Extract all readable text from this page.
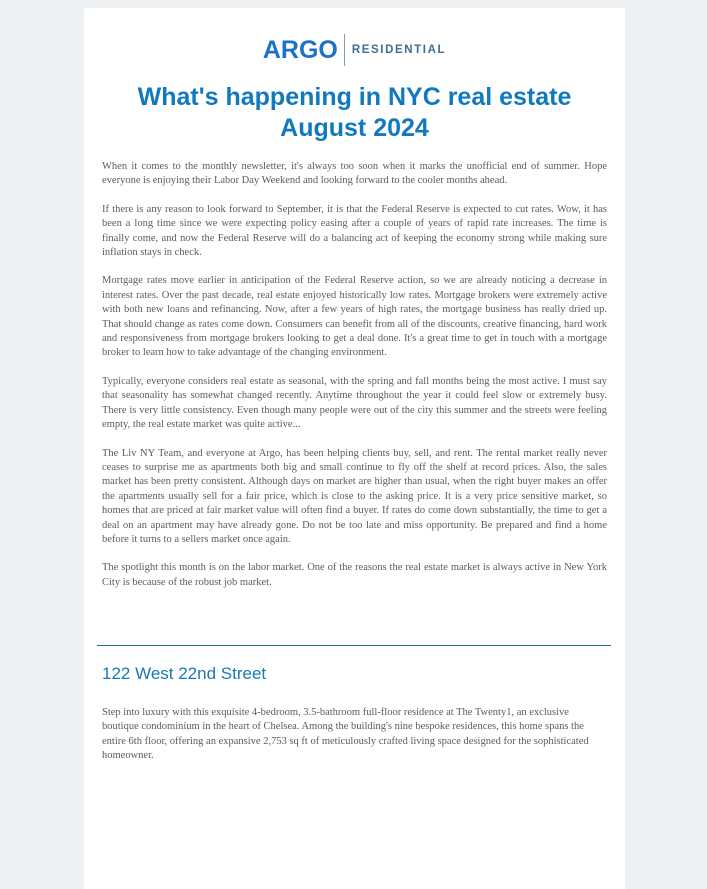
ARGO RESIDENTIAL
What's happening in NYC real estate
August 2024

When it comes to the monthly newsletter, it's always too soon when it marks the unofficial end of summer. Hope everyone is enjoying their Labor Day Weekend and looking forward to the cooler months ahead.

If there is any reason to look forward to September, it is that the Federal Reserve is expected to cut rates. Wow, it has been a long time since we were expecting policy easing after a couple of years of rapid rate increases. The time is finally come, and now the Federal Reserve will do a balancing act of keeping the economy strong while making sure inflation stays in check.

Mortgage rates move earlier in anticipation of the Federal Reserve action, so we are already noticing a decrease in interest rates. Over the past decade, real estate enjoyed historically low rates. Mortgage brokers were extremely active with both new loans and refinancing. Now, after a few years of high rates, the mortgage business has really dried up. That should change as rates come down. Consumers can benefit from all of the discounts, creative financing, hard work and responsiveness from mortgage brokers looking to get a deal done. It's a great time to get in touch with a mortgage broker to learn how to take advantage of the changing environment.

Typically, everyone considers real estate as seasonal, with the spring and fall months being the most active. I must say that seasonality has somewhat changed recently. Anytime throughout the year it could feel slow or extremely busy. There is very little consistency. Even though many people were out of the city this summer and the streets were feeling empty, the real estate market was quite active...

The Liv NY Team, and everyone at Argo, has been helping clients buy, sell, and rent. The rental market really never ceases to surprise me as apartments both big and small continue to fly off the shelf at record prices. Also, the sales market has been pretty consistent. Although days on market are higher than usual, when the right buyer makes an offer the apartments usually sell for a fair price, which is close to the asking price. It is a very price sensitive market, so homes that are priced at fair market value will often find a buyer. If rates do come down substantially, the time to get a deal on an apartment may have already gone. Do not be too late and miss opportunity. Be prepared and find a home before it turns to a sellers market once again.

The spotlight this month is on the labor market. One of the reasons the real estate market is always active in New York City is because of the robust job market.

122 West 22nd Street

Step into luxury with this exquisite 4-bedroom, 3.5-bathroom full-floor residence at The Twenty1, an exclusive boutique condominium in the heart of Chelsea. Among the building's nine bespoke residences, this home spans the entire 6th floor, offering an expansive 2,753 sq ft of meticulously crafted living space designed for the sophisticated homeowner.
